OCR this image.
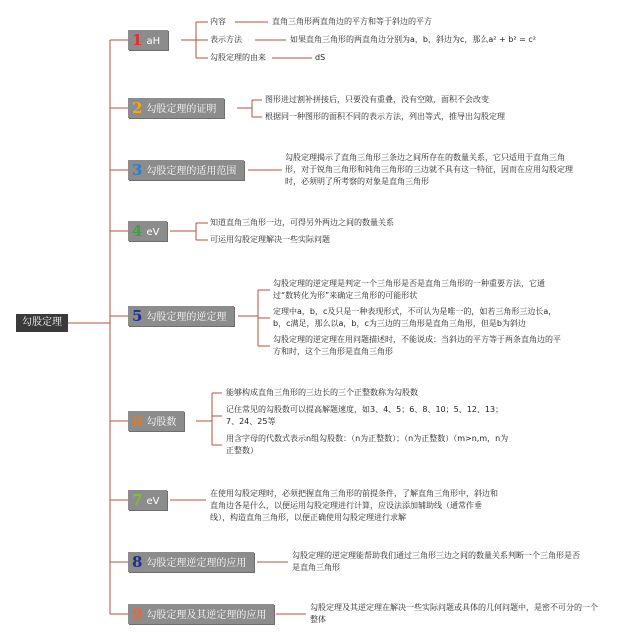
勾股定理
1 aH
2 勾股定理的证明
3 勾股定理的适用范围
4 eV
5 勾股定理的逆定理
6 勾股数
7 eV
8 勾股定理逆定理的应用
9 勾股定理及其逆定理的应用
内容	直角三角形两直角边的平方和等于斜边的平方
表示方法	如果直角三角形的两直角边分别为a，b，斜边为c，那么a² + b² = c²
勾股定理的由来	dS
图形进过割补拼接后，只要没有重叠，没有空隙，面积不会改变
根据同一种图形的面积不同的表示方法，列出等式，推导出勾股定理
勾股定理揭示了直角三角形三条边之间所存在的数量关系，它只适用于直角三角形，对于锐角三角形和钝角三角形的三边就不具有这一特征，因而在应用勾股定理时，必须明了所考察的对象是直角三角形
知道直角三角形一边，可得另外两边之间的数量关系
可运用勾股定理解决一些实际问题
勾股定理的逆定理是判定一个三角形是否是直角三角形的一种重要方法，它通过“数转化为形”来确定三角形的可能形状
定理中a，b，c及只是一种表现形式，不可认为是唯一的，如若三角形三边长a，b，c满足，那么以a，b，c为三边的三角形是直角三角形，但是b为斜边
勾股定理的逆定理在用问题描述时，不能说成：当斜边的平方等于两条直角边的平方和时，这个三角形是直角三角形
能够构成直角三角形的三边长的三个正整数称为勾股数
记住常见的勾股数可以提高解题速度，如3、4、5；6、8、10；5、12、13；7、24、25等
用含字母的代数式表示n组勾股数：（n为正整数）；（n为正整数）（m>n,m，n为正整数）
在使用勾股定理时，必须把握直角三角形的前提条件，了解直角三角形中，斜边和直角边各是什么，以便运用勾股定理进行计算，应设法添加辅助线（通常作垂线），构造直角三角形，以便正确使用勾股定理进行求解
勾股定理的逆定理能帮助我们通过三角形三边之间的数量关系判断一个三角形是否是直角三角形
勾股定理及其逆定理在解决一些实际问题或具体的几何问题中，是密不可分的一个整体
